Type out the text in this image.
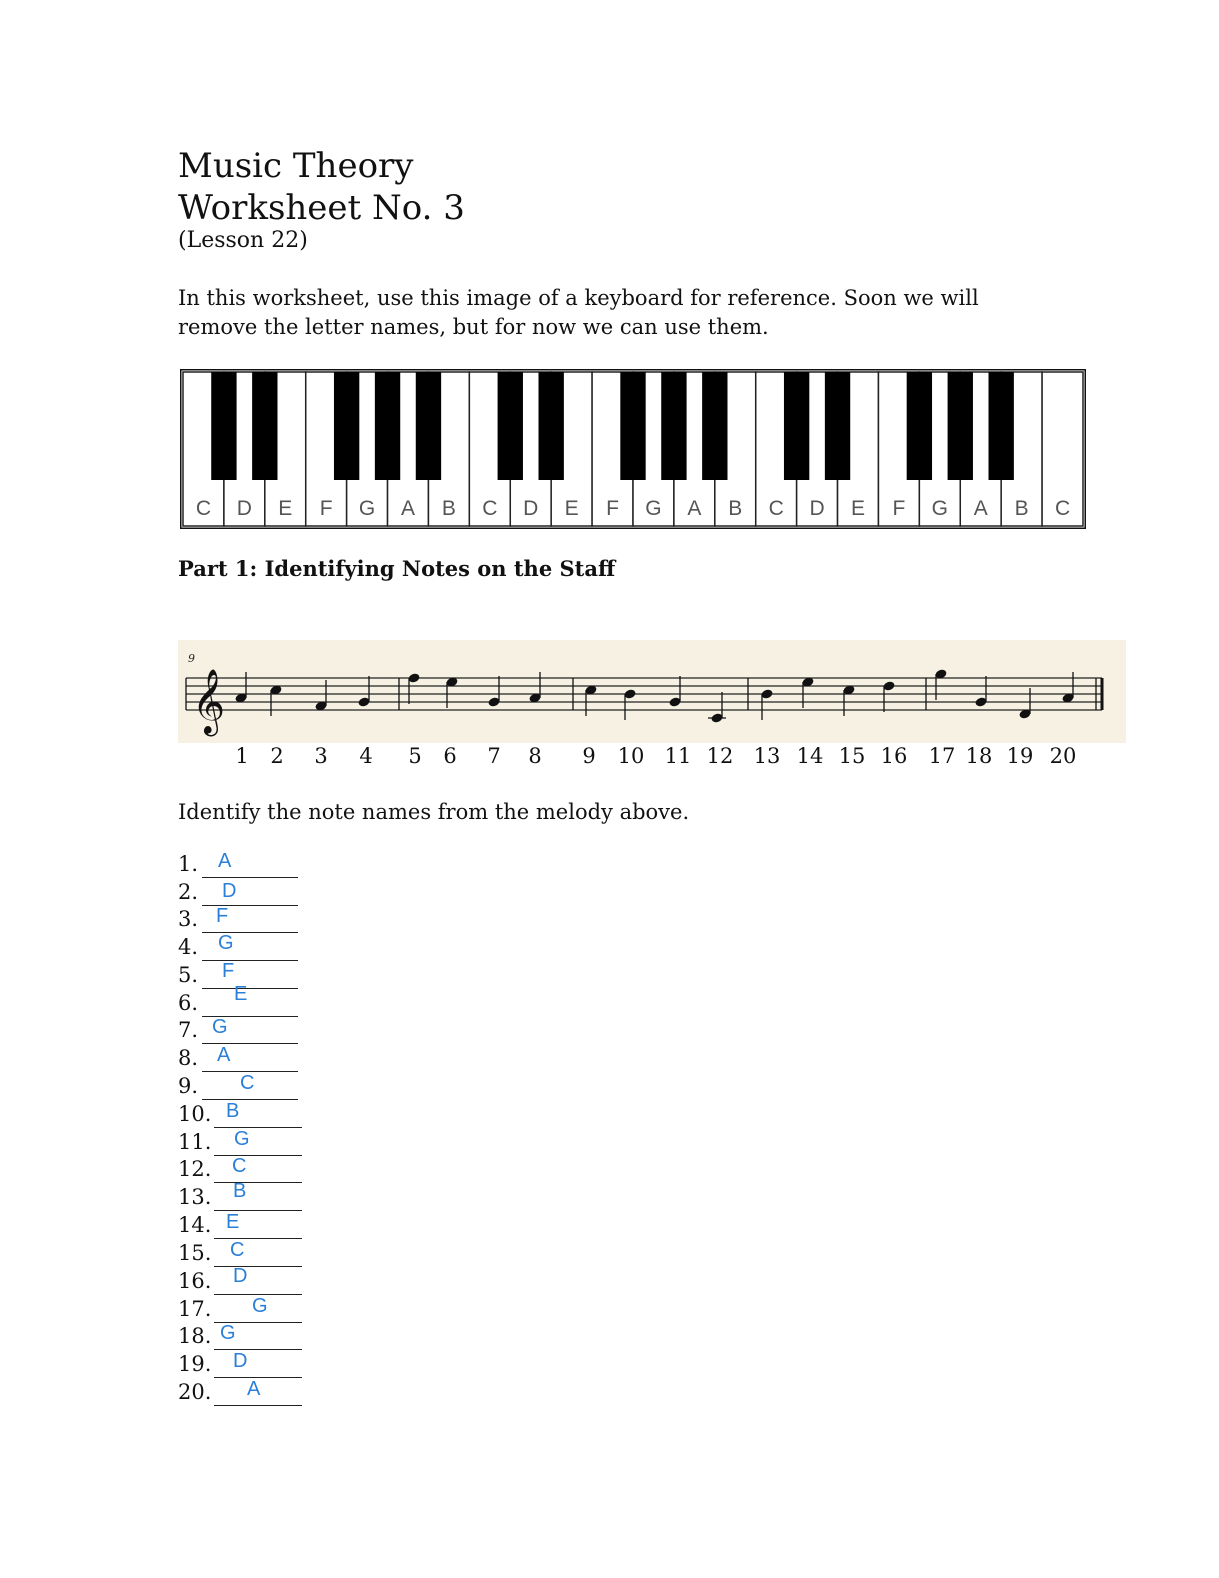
Music Theory
Worksheet No. 3
(Lesson 22)
In this worksheet, use this image of a keyboard for reference. Soon we will remove the letter names, but for now we can use them.
C D E F G A B C D E F G A B C D E F G A B C
Part 1: Identifying Notes on the Staff
9
𝄞
1 2 3 4 5 6 7 8 9 10 11 12 13 14 15 16 17 18 19 20
Identify the note names from the melody above.
1. A
2. D
3. F
4. G
5. F
6. E
7. G
8. A
9. C
10. B
11. G
12. C
13. B
14. E
15. C
16. D
17. G
18. G
19. D
20. A
